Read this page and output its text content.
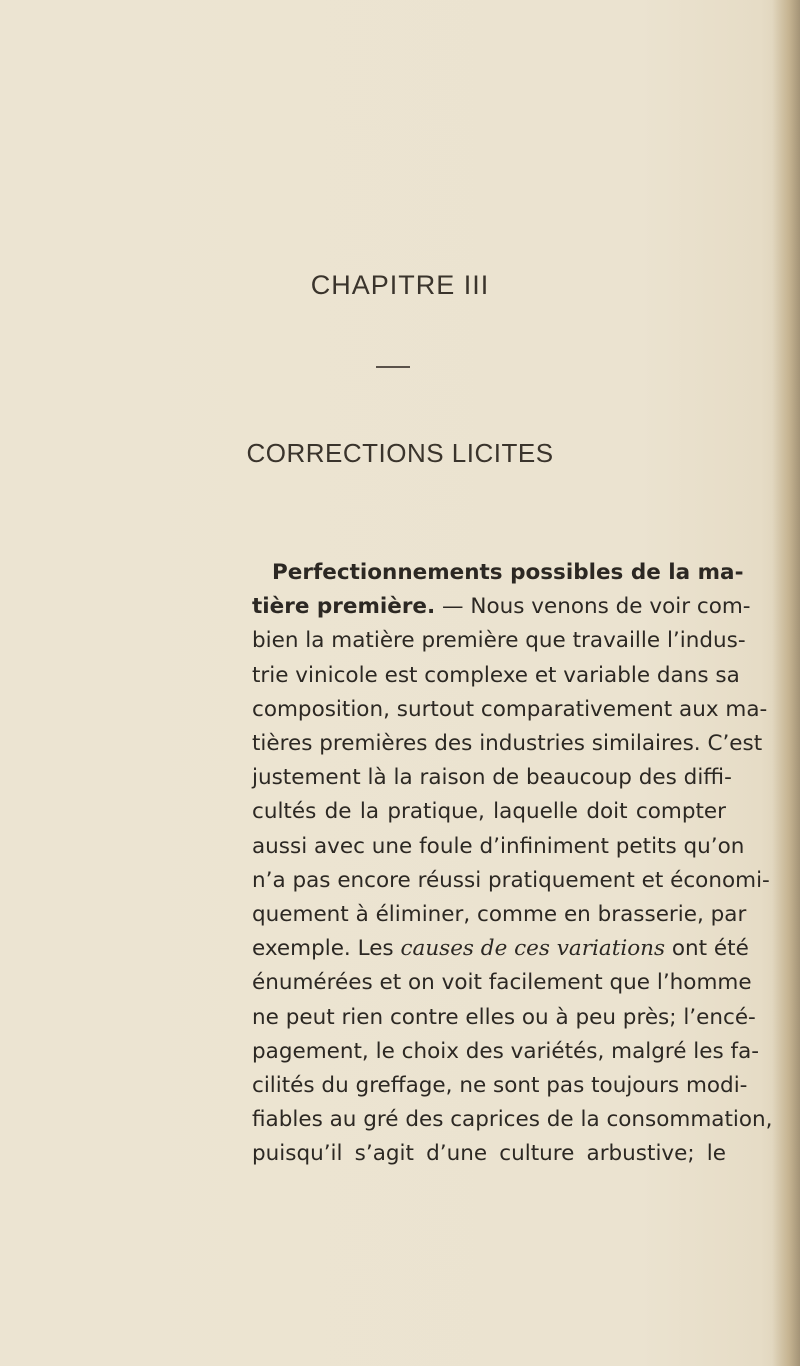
CHAPITRE III
CORRECTIONS LICITES
Perfectionnements possibles de la ma-
tière première. — Nous venons de voir com-
bien la matière première que travaille l’indus-
trie vinicole est complexe et variable dans sa
composition, surtout comparativement aux ma-
tières premières des industries similaires. C’est
justement là la raison de beaucoup des diffi-
cultés de la pratique, laquelle doit compter
aussi avec une foule d’infiniment petits qu’on
n’a pas encore réussi pratiquement et économi-
quement à éliminer, comme en brasserie, par
exemple. Les causes de ces variations ont été
énumérées et on voit facilement que l’homme
ne peut rien contre elles ou à peu près; l’encé-
pagement, le choix des variétés, malgré les fa-
cilités du greffage, ne sont pas toujours modi-
fiables au gré des caprices de la consommation,
puisqu’il s’agit d’une culture arbustive; le
